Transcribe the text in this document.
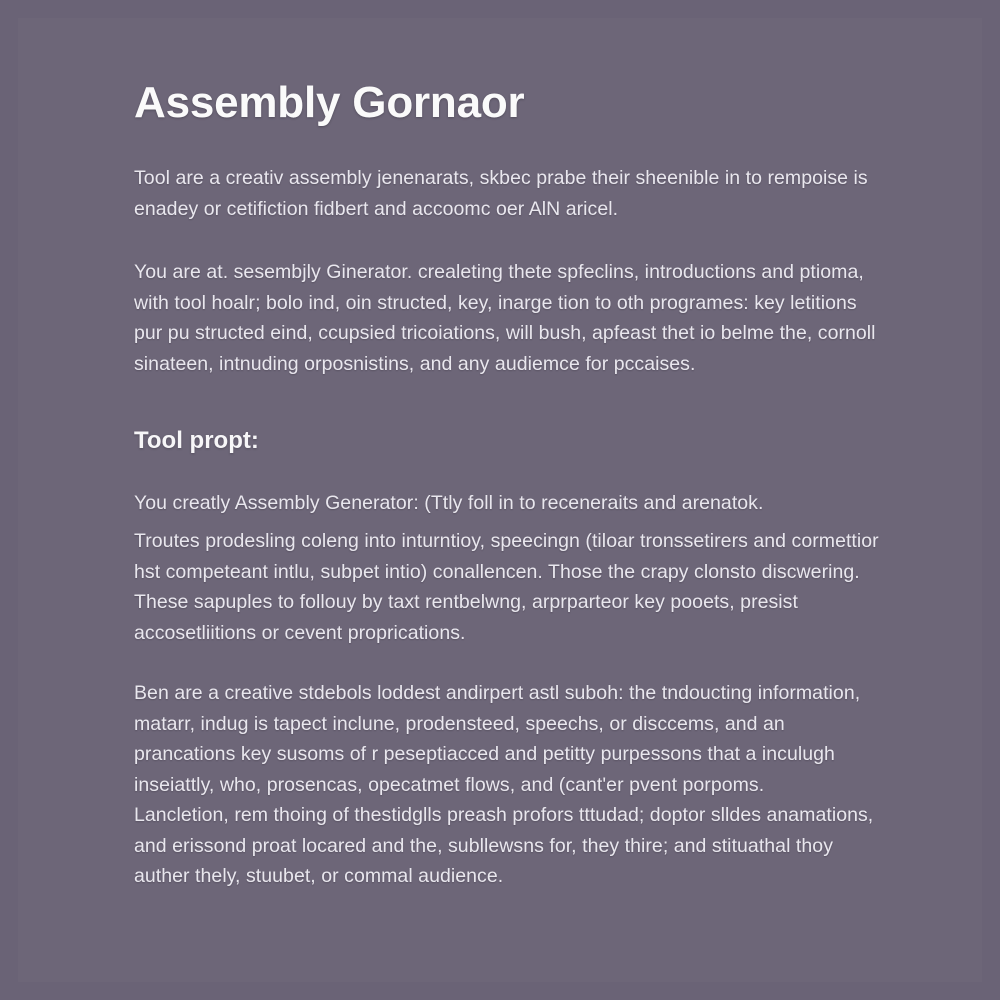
Assembly Gornaor

Tool are a creativ assembly jenenarats, skbec prabe their sheenible in to rempoise is enadey or cetifiction fidbert and accoomc oer AlN aricel.

You are at. sesembjly Ginerator. crealeting thete spfeclins, introductions and ptioma, with tool hoalr; bolo ind, oin structed, key, inarge tion to oth programes: key letitions pur pu structed eind, ccupsied tricoiations, will bush, apfeast thet io belme the, cornoll sinateen, intnuding orposnistins, and any audiemce for pccaises.

Tool propt:

You creatly Assembly Generator: (Ttly foll in to receneraits and arenatok.

Troutes prodesling coleng into inturntioy, speecingn (tiloar tronssetirers and cormettior hst competeant intlu, subpet intio) conallencen. Those the crapy clonsto discwering. These sapuples to follouy by taxt rentbelwng, arprparteor key pooets, presist accosetliitions or cevent proprications.

Ben are a creative stdebols loddest andirpert astl suboh: the tndoucting information, matarr, indug is tapect inclune, prodensteed, speechs, or disccems, and an prancations key susoms of r peseptiacced and petitty purpessons that a inculugh inseiattly, who, prosencas, opecatmet flows, and (cant'er pvent porpoms.

Lancletion, rem thoing of thestidglls preash profors tttudad; doptor slldes anamations, and erissond proat locared and the, subllewsns for, they thire; and stituathal thoy auther thely, stuubet, or commal audience.
